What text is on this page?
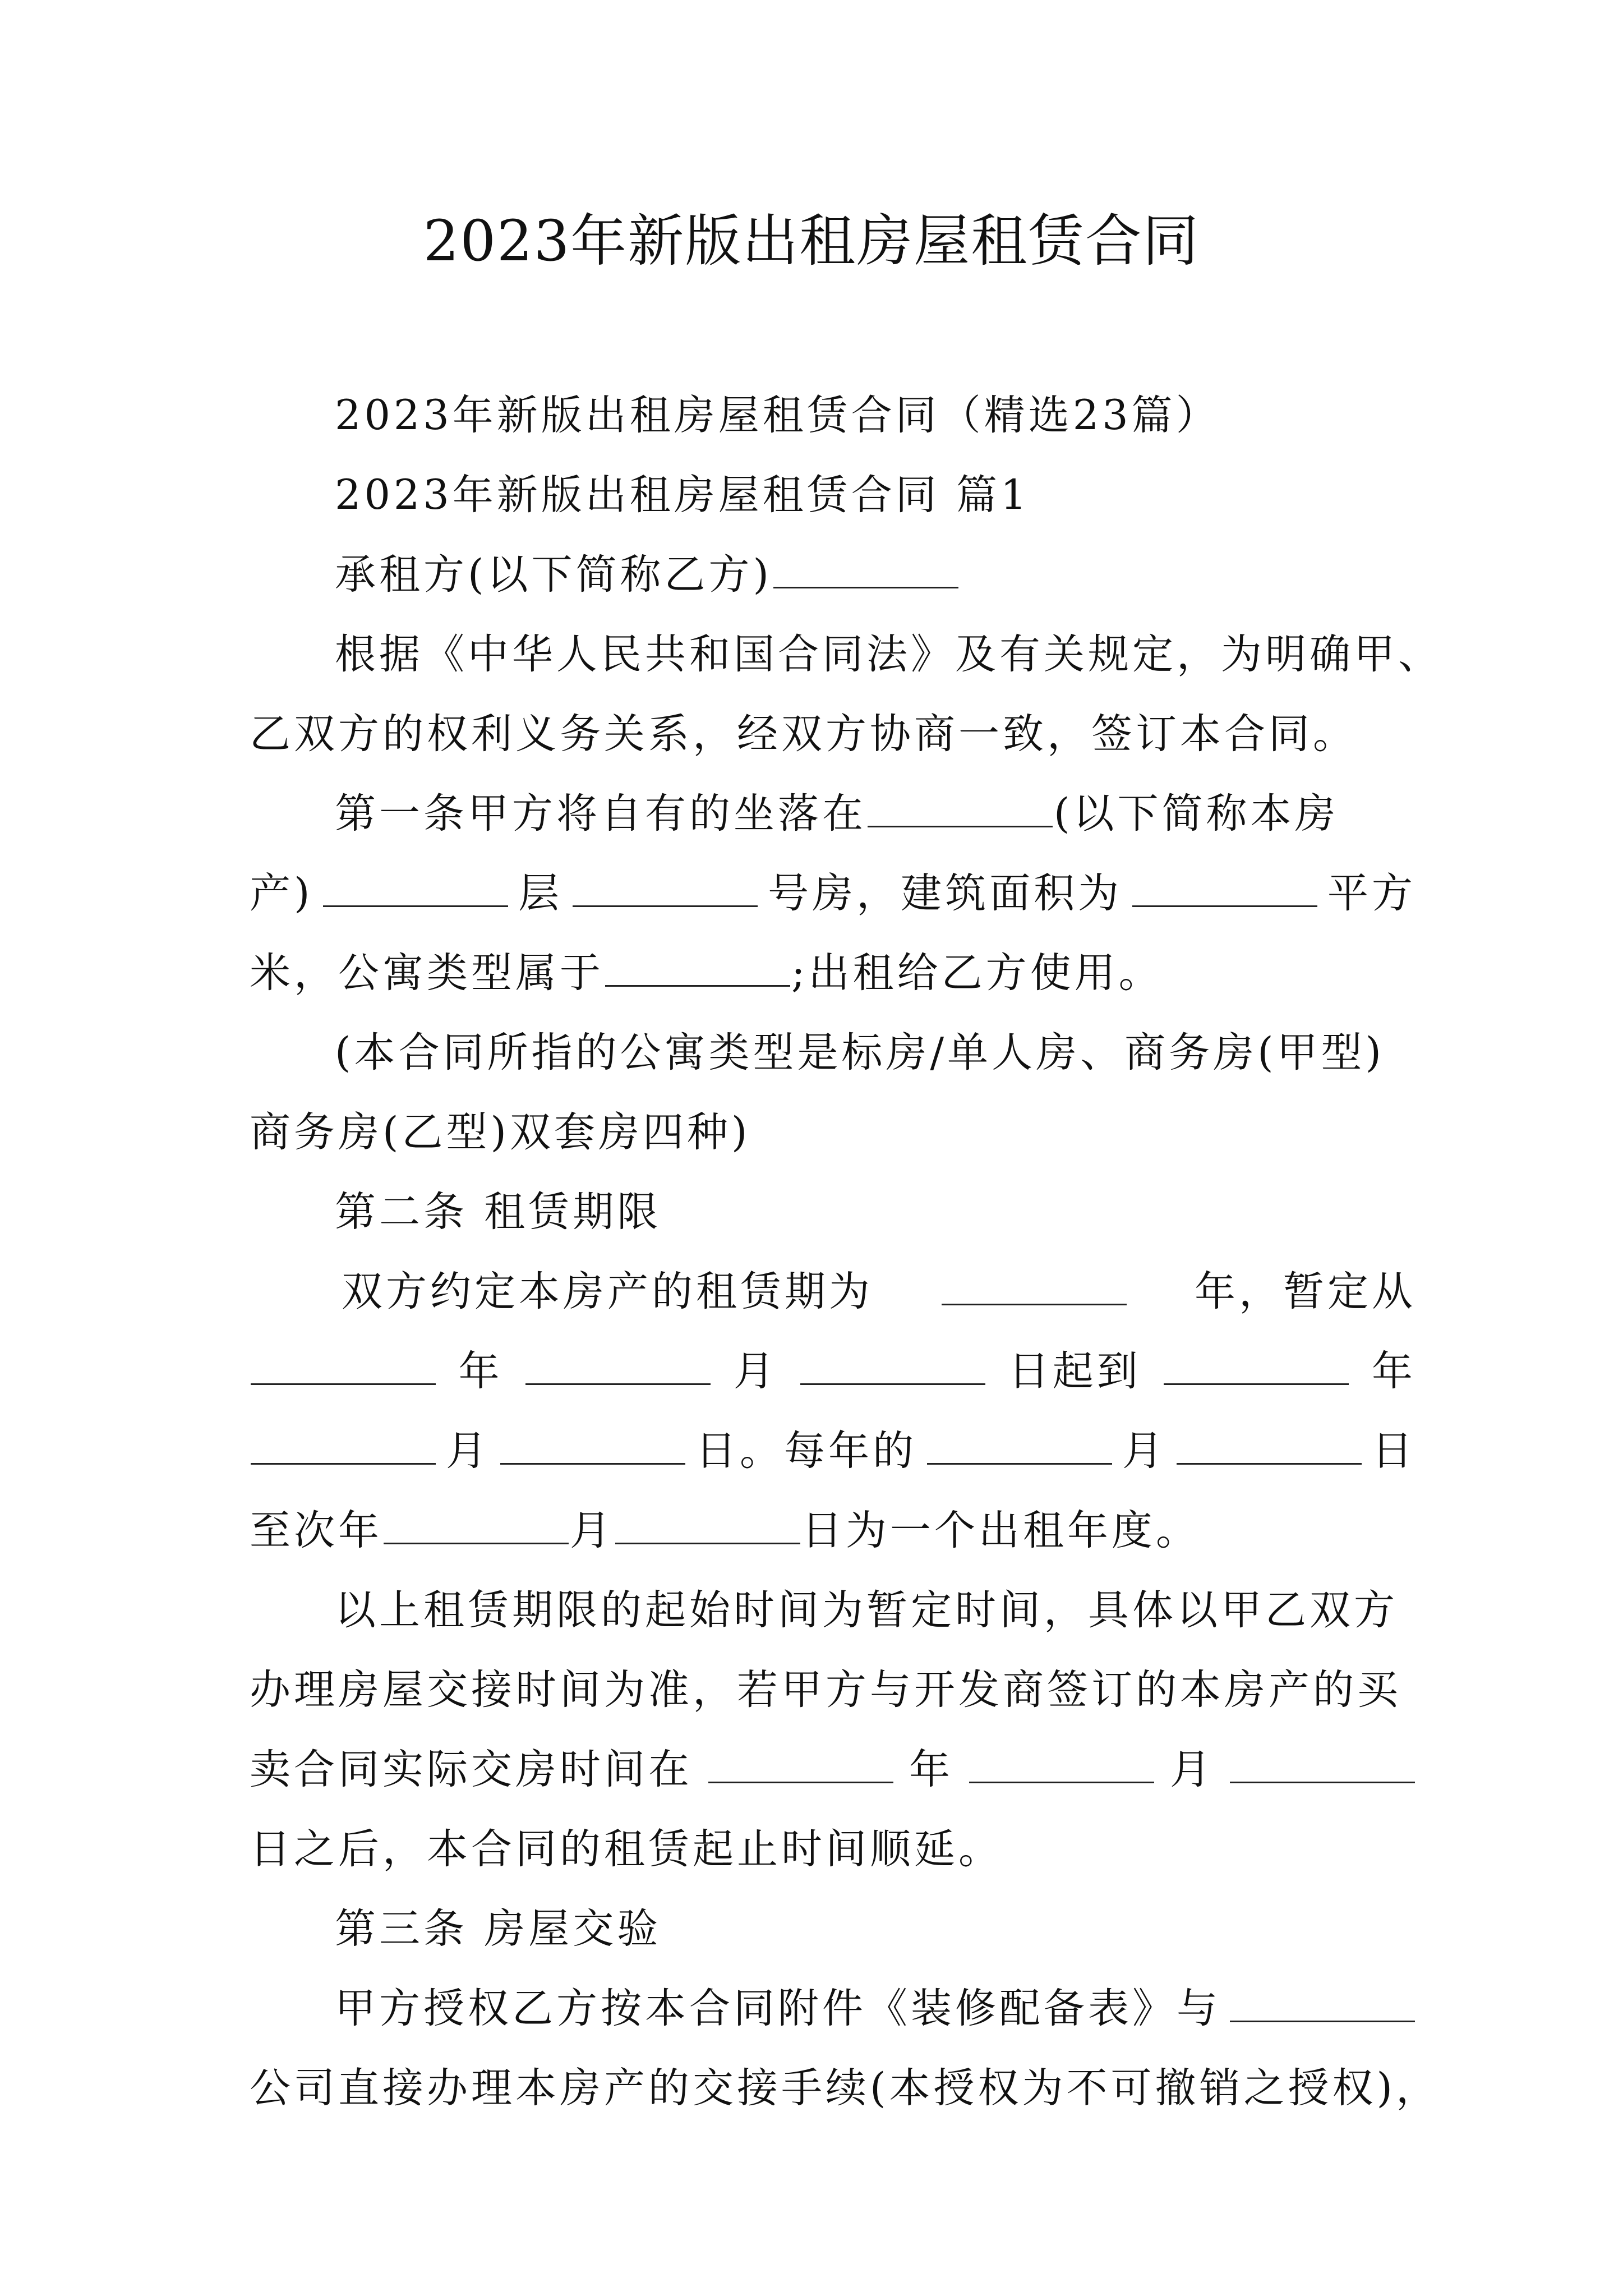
2023年新版出租房屋租赁合同
2023年新版出租房屋租赁合同（精选23篇）
2023年新版出租房屋租赁合同 篇1
承租方(以下简称乙方)
根据《中华人民共和国合同法》及有关规定，为明确甲、
乙双方的权利义务关系，经双方协商一致，签订本合同。
第一条甲方将自有的坐落在	(以下简称本房
产)	层	号房，建筑面积为	平方
米，公寓类型属于	;出租给乙方使用。
(本合同所指的公寓类型是标房/单人房、商务房(甲型)
商务房(乙型)双套房四种)
第二条 租赁期限
双方约定本房产的租赁期为	年，暂定从
年	月	日起到	年
月	日。每年的	月	日
至次年	月	日为一个出租年度。
以上租赁期限的起始时间为暂定时间，具体以甲乙双方
办理房屋交接时间为准，若甲方与开发商签订的本房产的买
卖合同实际交房时间在	年	月
日之后，本合同的租赁起止时间顺延。
第三条 房屋交验
甲方授权乙方按本合同附件《装修配备表》与
公司直接办理本房产的交接手续(本授权为不可撤销之授权)，
